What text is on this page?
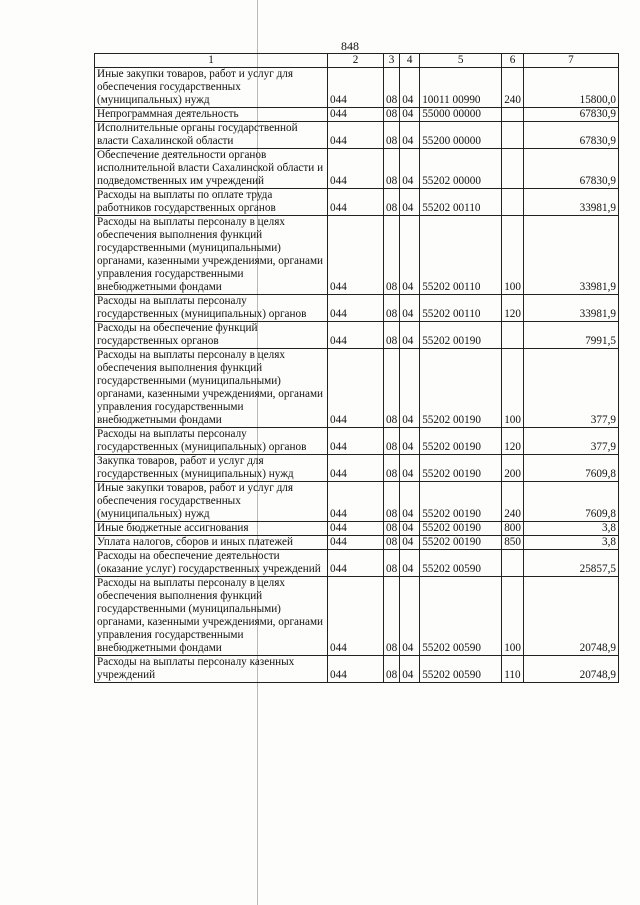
848
1	2	3	4	5	6	7
Иные закупки товаров, работ и услуг для обеспечения государственных (муниципальных) нужд	044	08	04	10011 00990	240	15800,0
Непрограммная деятельность	044	08	04	55000 00000		67830,9
Исполнительные органы государственной власти Сахалинской области	044	08	04	55200 00000		67830,9
Обеспечение деятельности органов исполнительной власти Сахалинской области и подведомственных им учреждений	044	08	04	55202 00000		67830,9
Расходы на выплаты по оплате труда работников государственных органов	044	08	04	55202 00110		33981,9
Расходы на выплаты персоналу в целях обеспечения выполнения функций государственными (муниципальными) органами, казенными учреждениями, органами управления государственными внебюджетными фондами	044	08	04	55202 00110	100	33981,9
Расходы на выплаты персоналу государственных (муниципальных) органов	044	08	04	55202 00110	120	33981,9
Расходы на обеспечение функций государственных органов	044	08	04	55202 00190		7991,5
Расходы на выплаты персоналу в целях обеспечения выполнения функций государственными (муниципальными) органами, казенными учреждениями, органами управления государственными внебюджетными фондами	044	08	04	55202 00190	100	377,9
Расходы на выплаты персоналу государственных (муниципальных) органов	044	08	04	55202 00190	120	377,9
Закупка товаров, работ и услуг для государственных (муниципальных) нужд	044	08	04	55202 00190	200	7609,8
Иные закупки товаров, работ и услуг для обеспечения государственных (муниципальных) нужд	044	08	04	55202 00190	240	7609,8
Иные бюджетные ассигнования	044	08	04	55202 00190	800	3,8
Уплата налогов, сборов и иных платежей	044	08	04	55202 00190	850	3,8
Расходы на обеспечение деятельности (оказание услуг) государственных учреждений	044	08	04	55202 00590		25857,5
Расходы на выплаты персоналу в целях обеспечения выполнения функций государственными (муниципальными) органами, казенными учреждениями, органами управления государственными внебюджетными фондами	044	08	04	55202 00590	100	20748,9
Расходы на выплаты персоналу казенных учреждений	044	08	04	55202 00590	110	20748,9
